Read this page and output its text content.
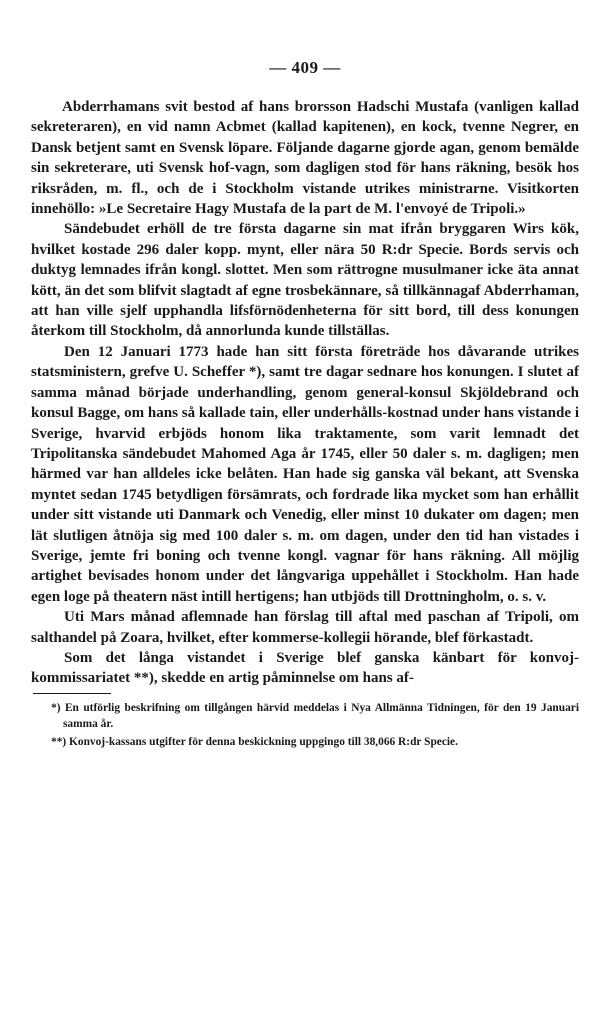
— 409 —

Abderrhamans svit bestod af hans brorsson Hadschi Mustafa (vanligen kallad sekreteraren), en vid namn Acbmet (kallad kapitenen), en kock, tvenne Negrer, en Dansk betjent samt en Svensk löpare. Följande dagarne gjorde agan, genom bemälde sin sekreterare, uti Svensk hof-vagn, som dagligen stod för hans räkning, besök hos riksråden, m. fl., och de i Stockholm vistande utrikes ministrarne. Visitkorten innehöllo: »Le Secretaire Hagy Mustafa de la part de M. l'envoyé de Tripoli.»

Sändebudet erhöll de tre första dagarne sin mat ifrån bryggaren Wirs kök, hvilket kostade 296 daler kopp. mynt, eller nära 50 R:dr Specie. Bords servis och duktyg lemnades ifrån kongl. slottet. Men som rättrogne musulmaner icke äta annat kött, än det som blifvit slagtadt af egne trosbekännare, så tillkännagaf Abderrhaman, att han ville sjelf upphandla lifsförnödenheterna för sitt bord, till dess konungen återkom till Stockholm, då annorlunda kunde tillställas.

Den 12 Januari 1773 hade han sitt första företräde hos dåvarande utrikes statsministern, grefve U. Scheffer *), samt tre dagar sednare hos konungen. I slutet af samma månad började underhandling, genom general-konsul Skjöldebrand och konsul Bagge, om hans så kallade tain, eller underhålls-kostnad under hans vistande i Sverige, hvarvid erbjöds honom lika traktamente, som varit lemnadt det Tripolitanska sändebudet Mahomed Aga år 1745, eller 50 daler s. m. dagligen; men härmed var han alldeles icke belåten. Han hade sig ganska väl bekant, att Svenska myntet sedan 1745 betydligen försämrats, och fordrade lika mycket som han erhållit under sitt vistande uti Danmark och Venedig, eller minst 10 dukater om dagen; men lät slutligen åtnöja sig med 100 daler s. m. om dagen, under den tid han vistades i Sverige, jemte fri boning och tvenne kongl. vagnar för hans räkning. All möjlig artighet bevisades honom under det långvariga uppehållet i Stockholm. Han hade egen loge på theatern näst intill hertigens; han utbjöds till Drottningholm, o. s. v.

Uti Mars månad aflemnade han förslag till aftal med paschan af Tripoli, om salthandel på Zoara, hvilket, efter kommerse-kollegii hörande, blef förkastadt.

Som det långa vistandet i Sverige blef ganska känbart för konvoj-kommissariatet **), skedde en artig påminnelse om hans af-

*) En utförlig beskrifning om tillgången härvid meddelas i Nya Allmänna Tidningen, för den 19 Januari samma år.

**) Konvoj-kassans utgifter för denna beskickning uppgingo till 38,066 R:dr Specie.
